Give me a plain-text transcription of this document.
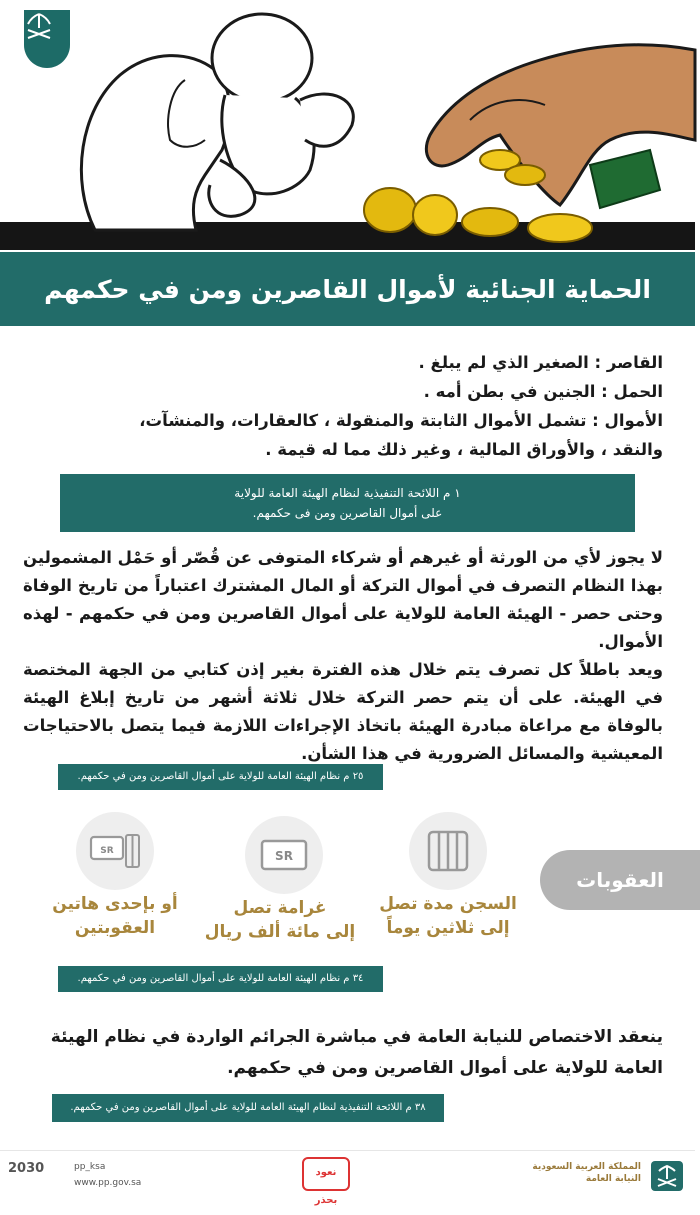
الحماية الجنائية لأموال القاصرين ومن في حكمهم

القاصر : الصغير الذي لم يبلغ .

الحمل : الجنين في بطن أمه .

الأموال : تشمل الأموال الثابتة والمنقولة ، كالعقارات، والمنشآت،

والنقد ، والأوراق المالية ، وغير ذلك مما له قيمة .

١ م اللائحة التنفيذية لنظام الهيئة العامة للولاية
على أموال القاصرين ومن فى حكمهم.

لا يجوز لأي من الورثة أو غيرهم أو شركاء المتوفى عن قُصّر أو حَمْل المشمولين بهذا النظام التصرف في أموال التركة أو المال المشترك اعتباراً من تاريخ الوفاة وحتى حصر - الهيئة العامة للولاية على أموال القاصرين ومن في حكمهم - لهذه الأموال.

ويعد باطلاً كل تصرف يتم خلال هذه الفترة بغير إذن كتابي من الجهة المختصة في الهيئة. على أن يتم حصر التركة خلال ثلاثة أشهر من تاريخ إبلاغ الهيئة بالوفاة مع مراعاة مبادرة الهيئة باتخاذ الإجراءات اللازمة فيما يتصل بالاحتياجات المعيشية والمسائل الضرورية في هذا الشأن.

٢٥ م نظام الهيئة العامة للولاية على أموال القاصرين ومن في حكمهم.
العقوبات
السجن مدة تصل
إلى ثلاثين يوماً
SR
غرامة تصل
إلى مائة ألف ريال
SR
أو بإحدى هاتين
العقوبتين
٣٤ م نظام الهيئة العامة للولاية على أموال القاصرين ومن في حكمهم.
ينعقد الاختصاص للنيابة العامة في مباشرة الجرائم الواردة في نظام الهيئة العامة للولاية على أموال القاصرين ومن في حكمهم.
٣٨ م اللائحة التنفيذية لنظام الهيئة العامة للولاية على أموال القاصرين ومن في حكمهم.
2030	pp_ksa
www.pp.gov.sa
نعود بحذر
المملكة العربية السعودية
النيابة العامة
